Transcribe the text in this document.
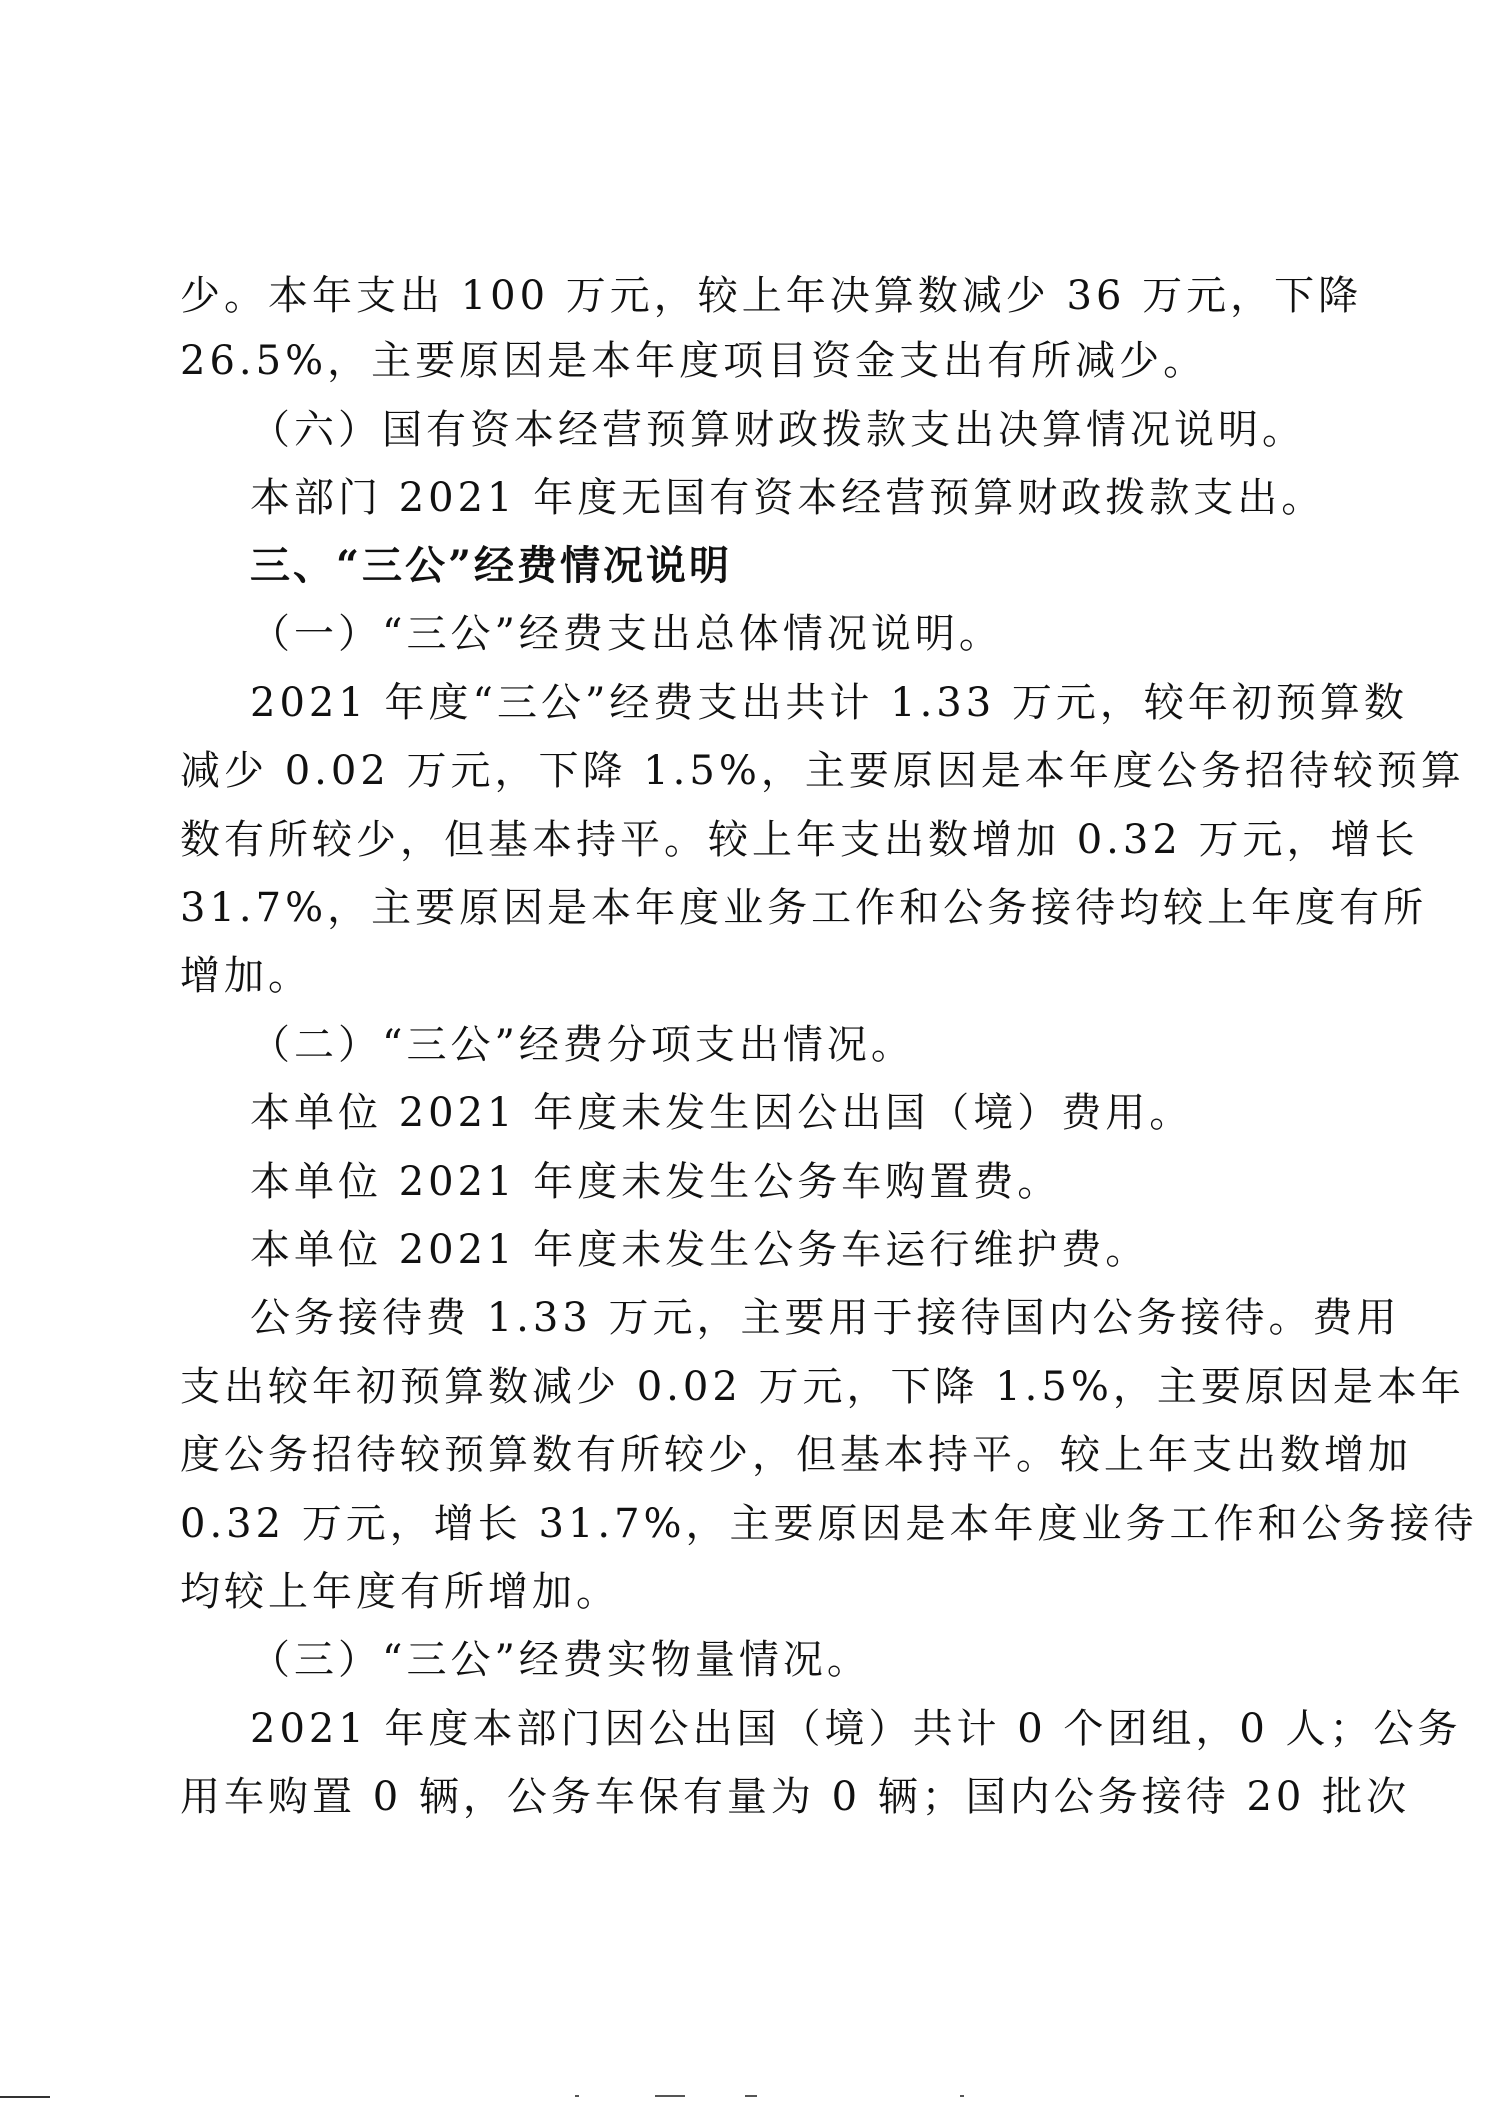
少。本年支出 100 万元，较上年决算数减少 36 万元，下降
26.5%，主要原因是本年度项目资金支出有所减少。
（六）国有资本经营预算财政拨款支出决算情况说明。
本部门 2021 年度无国有资本经营预算财政拨款支出。
三、“三公”经费情况说明
（一）“三公”经费支出总体情况说明。
2021 年度“三公”经费支出共计 1.33 万元，较年初预算数
减少 0.02 万元，下降 1.5%，主要原因是本年度公务招待较预算
数有所较少，但基本持平。较上年支出数增加 0.32 万元，增长
31.7%，主要原因是本年度业务工作和公务接待均较上年度有所
增加。
（二）“三公”经费分项支出情况。
本单位 2021 年度未发生因公出国（境）费用。
本单位 2021 年度未发生公务车购置费。
本单位 2021 年度未发生公务车运行维护费。
公务接待费 1.33 万元，主要用于接待国内公务接待。费用
支出较年初预算数减少 0.02 万元，下降 1.5%，主要原因是本年
度公务招待较预算数有所较少，但基本持平。较上年支出数增加
0.32 万元，增长 31.7%，主要原因是本年度业务工作和公务接待
均较上年度有所增加。
（三）“三公”经费实物量情况。
2021 年度本部门因公出国（境）共计 0 个团组，0 人；公务
用车购置 0 辆，公务车保有量为 0 辆；国内公务接待 20 批次
